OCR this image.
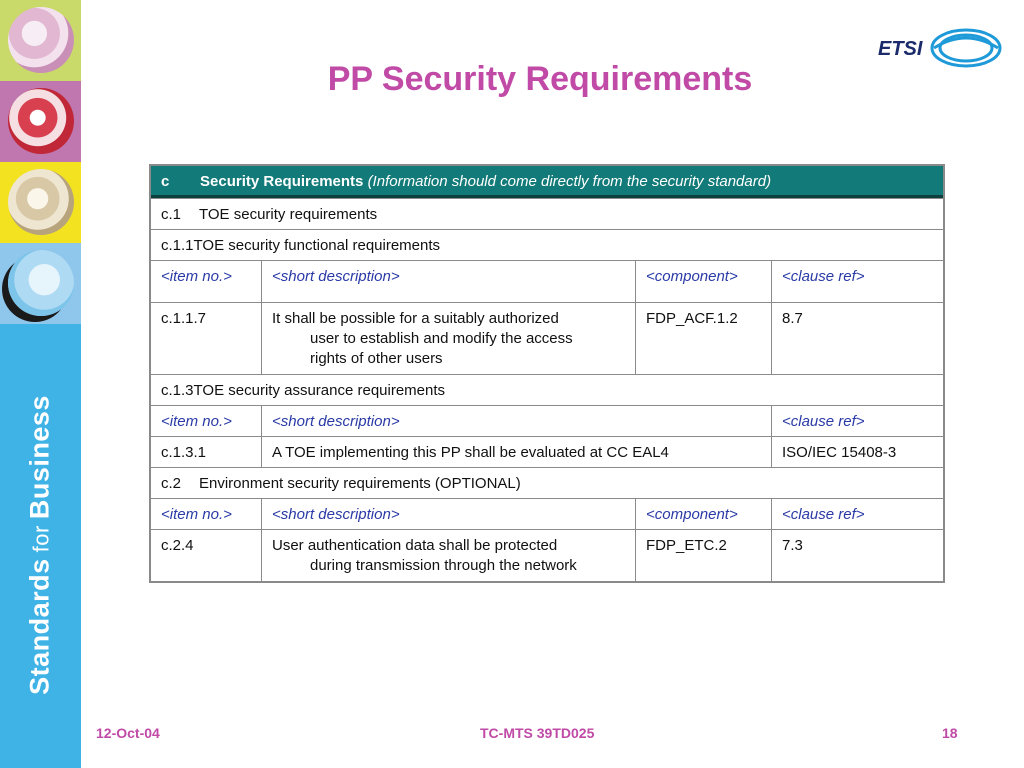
StandardsforBusiness
ETSI
PP Security Requirements
c Security Requirements (Information should come directly from the security standard)
c.1 TOE security requirements
c.1.1TOE security functional requirements
<item no.>	<short description>	<component>	<clause ref>
c.1.1.7	It shall be possible for a suitably authorized
user to establish and modify the access
rights of other users
FDP_ACF.1.2	8.7
c.1.3TOE security assurance requirements
<item no.>	<short description>	<clause ref>
c.1.3.1	A TOE implementing this PP shall be evaluated at CC EAL4	ISO/IEC 15408-3
c.2 Environment security requirements (OPTIONAL)
<item no.>	<short description>	<component>	<clause ref>
c.2.4	User authentication data shall be protected
during transmission through the network
FDP_ETC.2	7.3
12-Oct-04	TC-MTS 39TD025	18
